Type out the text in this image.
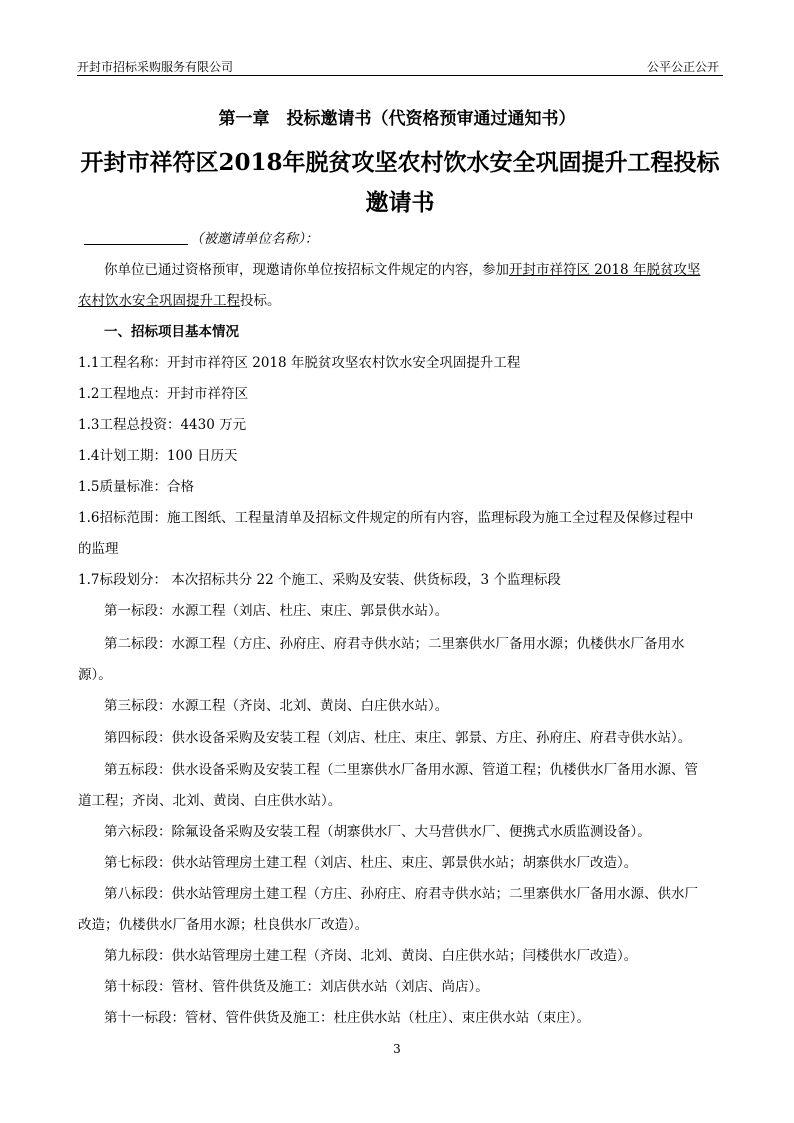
开封市招标采购服务有限公司	公平公正公开
第一章　投标邀请书（代资格预审通过通知书）
开封市祥符区2018年脱贫攻坚农村饮水安全巩固提升工程投标邀请书
（被邀请单位名称）：
你单位已通过资格预审，现邀请你单位按招标文件规定的内容，参加开封市祥符区 2018 年脱贫攻坚
农村饮水安全巩固提升工程投标。
一、招标项目基本情况
1.1工程名称：开封市祥符区 2018 年脱贫攻坚农村饮水安全巩固提升工程
1.2工程地点：开封市祥符区
1.3工程总投资：4430 万元
1.4计划工期：100 日历天
1.5质量标准：合格
1.6招标范围：施工图纸、工程量清单及招标文件规定的所有内容，监理标段为施工全过程及保修过程中
的监理
1.7标段划分： 本次招标共分 22 个施工、采购及安装、供货标段，3 个监理标段
第一标段：水源工程（刘店、杜庄、束庄、郭景供水站）。
第二标段：水源工程（方庄、孙府庄、府君寺供水站；二里寨供水厂备用水源；仇楼供水厂备用水
源）。
第三标段：水源工程（齐岗、北刘、黄岗、白庄供水站）。
第四标段：供水设备采购及安装工程（刘店、杜庄、束庄、郭景、方庄、孙府庄、府君寺供水站）。
第五标段：供水设备采购及安装工程（二里寨供水厂备用水源、管道工程；仇楼供水厂备用水源、管
道工程；齐岗、北刘、黄岗、白庄供水站）。
第六标段：除氟设备采购及安装工程（胡寨供水厂、大马营供水厂、便携式水质监测设备）。
第七标段：供水站管理房土建工程（刘店、杜庄、束庄、郭景供水站；胡寨供水厂改造）。
第八标段：供水站管理房土建工程（方庄、孙府庄、府君寺供水站；二里寨供水厂备用水源、供水厂
改造；仇楼供水厂备用水源；杜良供水厂改造）。
第九标段：供水站管理房土建工程（齐岗、北刘、黄岗、白庄供水站；闫楼供水厂改造）。
第十标段：管材、管件供货及施工：刘店供水站（刘店、尚店）。
第十一标段：管材、管件供货及施工：杜庄供水站（杜庄）、束庄供水站（束庄）。
3
